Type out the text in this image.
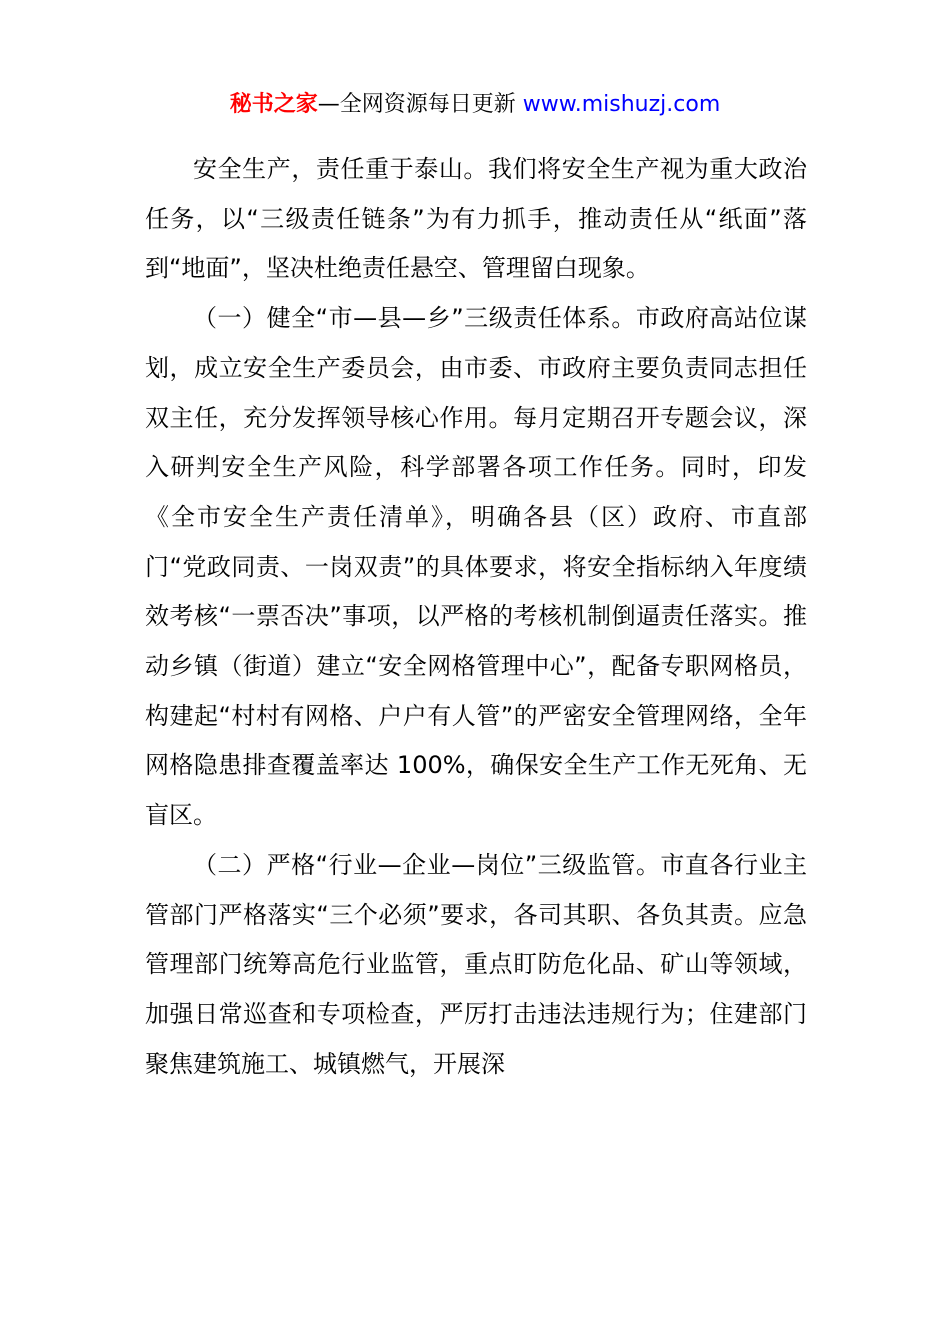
秘书之家—全网资源每日更新 www.mishuzj.com

安全生产，责任重于泰山。我们将安全生产视为重大政治任务，以“三级责任链条”为有力抓手，推动责任从“纸面”落到“地面”，坚决杜绝责任悬空、管理留白现象。

（一）健全“市—县—乡”三级责任体系。市政府高站位谋划，成立安全生产委员会，由市委、市政府主要负责同志担任双主任，充分发挥领导核心作用。每月定期召开专题会议，深入研判安全生产风险，科学部署各项工作任务。同时，印发《全市安全生产责任清单》，明确各县（区）政府、市直部门“党政同责、一岗双责”的具体要求，将安全指标纳入年度绩效考核“一票否决”事项，以严格的考核机制倒逼责任落实。推动乡镇（街道）建立“安全网格管理中心”，配备专职网格员，构建起“村村有网格、户户有人管”的严密安全管理网络，全年网格隐患排查覆盖率达 100%，确保安全生产工作无死角、无盲区。

（二）严格“行业—企业—岗位”三级监管。市直各行业主管部门严格落实“三个必须”要求，各司其职、各负其责。应急管理部门统筹高危行业监管，重点盯防危化品、矿山等领域，加强日常巡查和专项检查，严厉打击违法违规行为；住建部门聚焦建筑施工、城镇燃气，开展深
